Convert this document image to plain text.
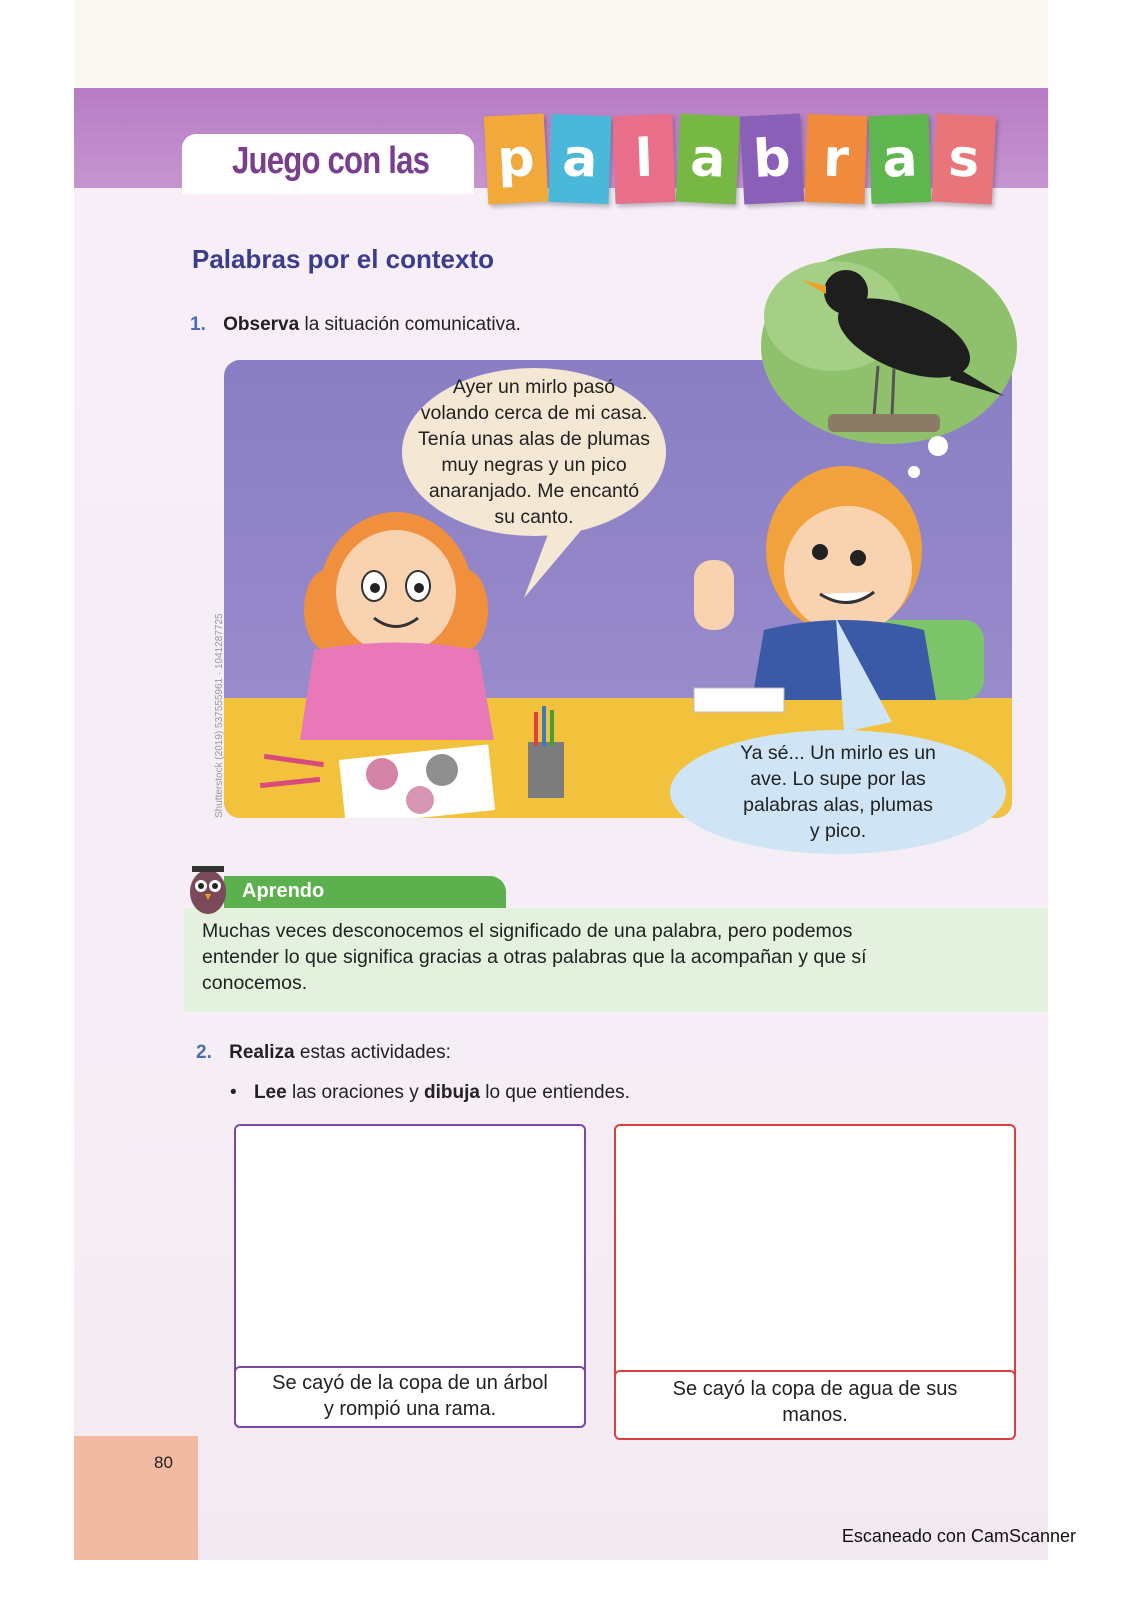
Juego con las p a l a b r a s
Palabras por el contexto
1. Observa la situación comunicativa.
Ayer un mirlo pasó
volando cerca de mi casa.
Tenía unas alas de plumas
muy negras y un pico
anaranjado. Me encantó
su canto.
Ya sé... Un mirlo es un
ave. Lo supe por las
palabras alas, plumas
y pico.
Shutterstock (2019) 537555961 · 1041287725
Aprendo
Muchas veces desconocemos el significado de una palabra, pero podemos
entender lo que significa gracias a otras palabras que la acompañan y que sí
conocemos.
2. Realiza estas actividades:
• Lee las oraciones y dibuja lo que entiendes.
Se cayó de la copa de un árbol
y rompió una rama.
Se cayó la copa de agua de sus
manos.
80
Escaneado con CamScanner
